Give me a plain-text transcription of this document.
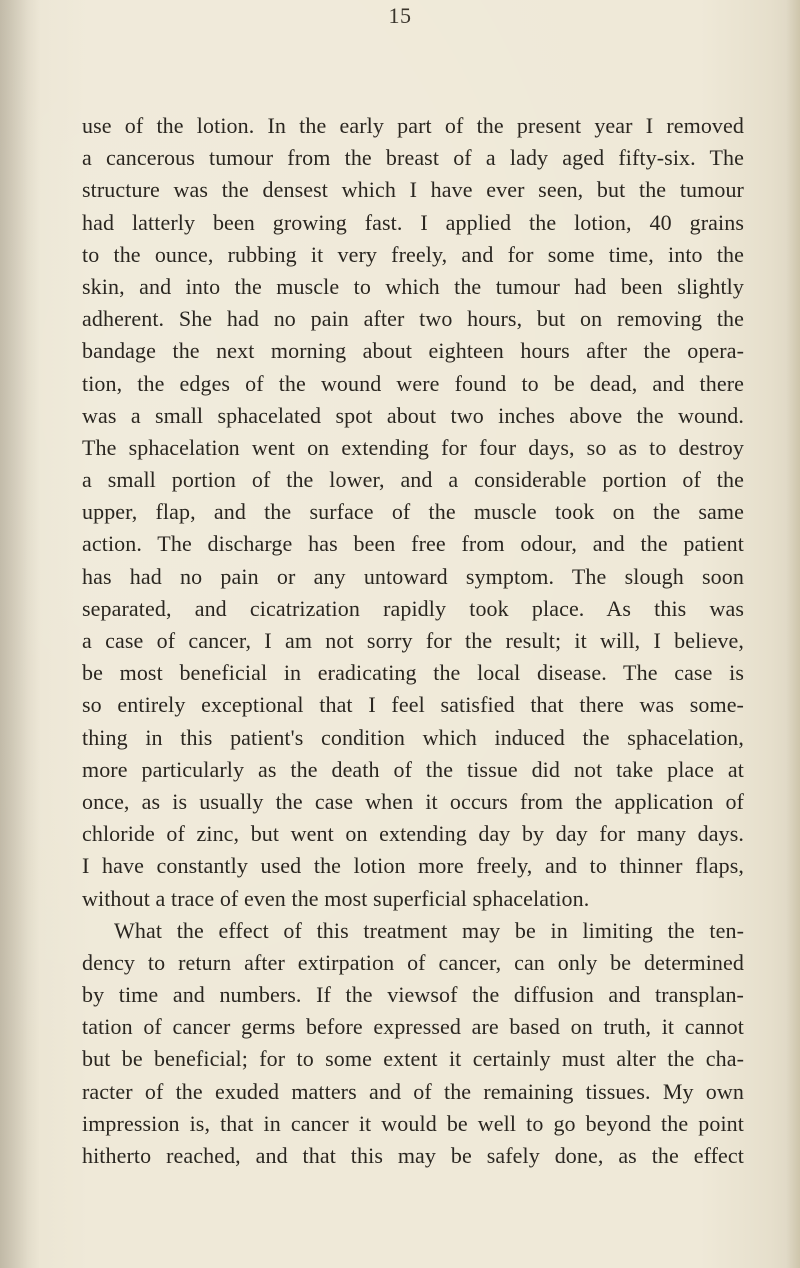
15
use of the lotion. In the early part of the present year I removed
a cancerous tumour from the breast of a lady aged fifty-six. The
structure was the densest which I have ever seen, but the tumour
had latterly been growing fast. I applied the lotion, 40 grains
to the ounce, rubbing it very freely, and for some time, into the
skin, and into the muscle to which the tumour had been slightly
adherent. She had no pain after two hours, but on removing the
bandage the next morning about eighteen hours after the opera-
tion, the edges of the wound were found to be dead, and there
was a small sphacelated spot about two inches above the wound.
The sphacelation went on extending for four days, so as to destroy
a small portion of the lower, and a considerable portion of the
upper, flap, and the surface of the muscle took on the same
action. The discharge has been free from odour, and the patient
has had no pain or any untoward symptom. The slough soon
separated, and cicatrization rapidly took place. As this was
a case of cancer, I am not sorry for the result; it will, I believe,
be most beneficial in eradicating the local disease. The case is
so entirely exceptional that I feel satisfied that there was some-
thing in this patient's condition which induced the sphacelation,
more particularly as the death of the tissue did not take place at
once, as is usually the case when it occurs from the application of
chloride of zinc, but went on extending day by day for many days.
I have constantly used the lotion more freely, and to thinner flaps,
without a trace of even the most superficial sphacelation.
What the effect of this treatment may be in limiting the ten-
dency to return after extirpation of cancer, can only be determined
by time and numbers. If the viewsof the diffusion and transplan-
tation of cancer germs before expressed are based on truth, it cannot
but be beneficial; for to some extent it certainly must alter the cha-
racter of the exuded matters and of the remaining tissues. My own
impression is, that in cancer it would be well to go beyond the point
hitherto reached, and that this may be safely done, as the effect
